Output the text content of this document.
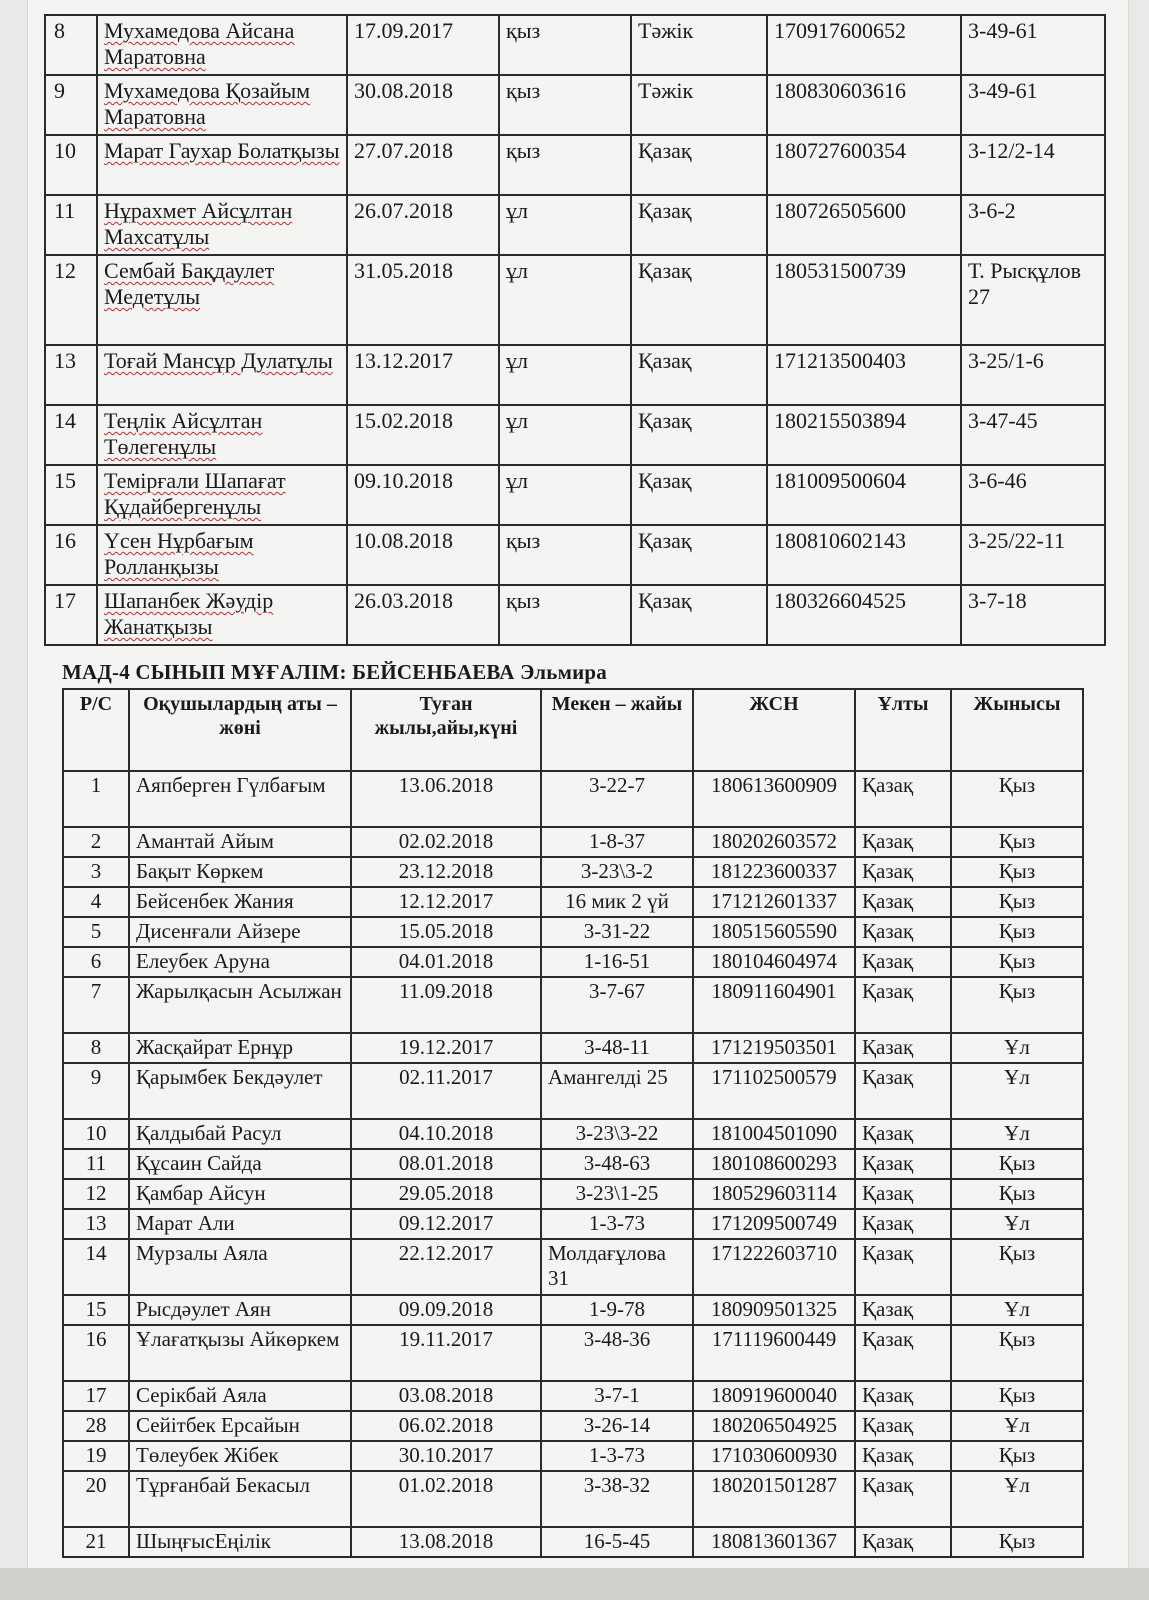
8	Мухамедова Айсана Маратовна	17.09.2017	қыз	Тәжік	170917600652	3-49-61
9	Мухамедова Қозайым Маратовна	30.08.2018	қыз	Тәжік	180830603616	3-49-61
10	Марат Гаухар Болатқызы	27.07.2018	қыз	Қазақ	180727600354	3-12/2-14
11	Нұрахмет Айсұлтан Махсатұлы	26.07.2018	ұл	Қазақ	180726505600	3-6-2
12	Сембай Бақдаулет Медетұлы	31.05.2018	ұл	Қазақ	180531500739	Т. Рысқұлов 27
13	Тоғай Мансұр Дулатұлы	13.12.2017	ұл	Қазақ	171213500403	3-25/1-6
14	Теңлік Айсұлтан Төлегенұлы	15.02.2018	ұл	Қазақ	180215503894	3-47-45
15	Темірғали Шапағат Құдайбергенұлы	09.10.2018	ұл	Қазақ	181009500604	3-6-46
16	Үсен Нұрбағым Ролланқызы	10.08.2018	қыз	Қазақ	180810602143	3-25/22-11
17	Шапанбек Жәудір Жанатқызы	26.03.2018	қыз	Қазақ	180326604525	3-7-18
МАД-4 СЫНЫП МҰҒАЛІМ: БЕЙСЕНБАЕВА Эльмира
Р/С	Оқушылардың аты –жөні	Туған жылы,айы,күні	Мекен – жайы	ЖСН	Ұлты	Жынысы
1	Аяпберген Гүлбағым	13.06.2018	3-22-7	180613600909	Қазақ	Қыз
2	Амантай Айым	02.02.2018	1-8-37	180202603572	Қазақ	Қыз
3	Бақыт Көркем	23.12.2018	3-23\3-2	181223600337	Қазақ	Қыз
4	Бейсенбек Жания	12.12.2017	16 мик 2 үй	171212601337	Қазақ	Қыз
5	Дисенғали Айзере	15.05.2018	3-31-22	180515605590	Қазақ	Қыз
6	Елеубек Аруна	04.01.2018	1-16-51	180104604974	Қазақ	Қыз
7	Жарылқасын Асылжан	11.09.2018	3-7-67	180911604901	Қазақ	Қыз
8	Жасқайрат Ернұр	19.12.2017	3-48-11	171219503501	Қазақ	Ұл
9	Қарымбек Бекдәулет	02.11.2017	Амангелді 25	171102500579	Қазақ	Ұл
10	Қалдыбай Расул	04.10.2018	3-23\3-22	181004501090	Қазақ	Ұл
11	Құсаин Сайда	08.01.2018	3-48-63	180108600293	Қазақ	Қыз
12	Қамбар Айсун	29.05.2018	3-23\1-25	180529603114	Қазақ	Қыз
13	Марат Али	09.12.2017	1-3-73	171209500749	Қазақ	Ұл
14	Мурзалы Аяла	22.12.2017	Молдағұлова 31	171222603710	Қазақ	Қыз
15	Рысдәулет Аян	09.09.2018	1-9-78	180909501325	Қазақ	Ұл
16	Ұлағатқызы Айкөркем	19.11.2017	3-48-36	171119600449	Қазақ	Қыз
17	Серікбай Аяла	03.08.2018	3-7-1	180919600040	Қазақ	Қыз
28	Сейітбек Ерсайын	06.02.2018	3-26-14	180206504925	Қазақ	Ұл
19	Төлеубек Жібек	30.10.2017	1-3-73	171030600930	Қазақ	Қыз
20	Тұрғанбай Бекасыл	01.02.2018	3-38-32	180201501287	Қазақ	Ұл
21	ШыңғысЕңілік	13.08.2018	16-5-45	180813601367	Қазақ	Қыз
